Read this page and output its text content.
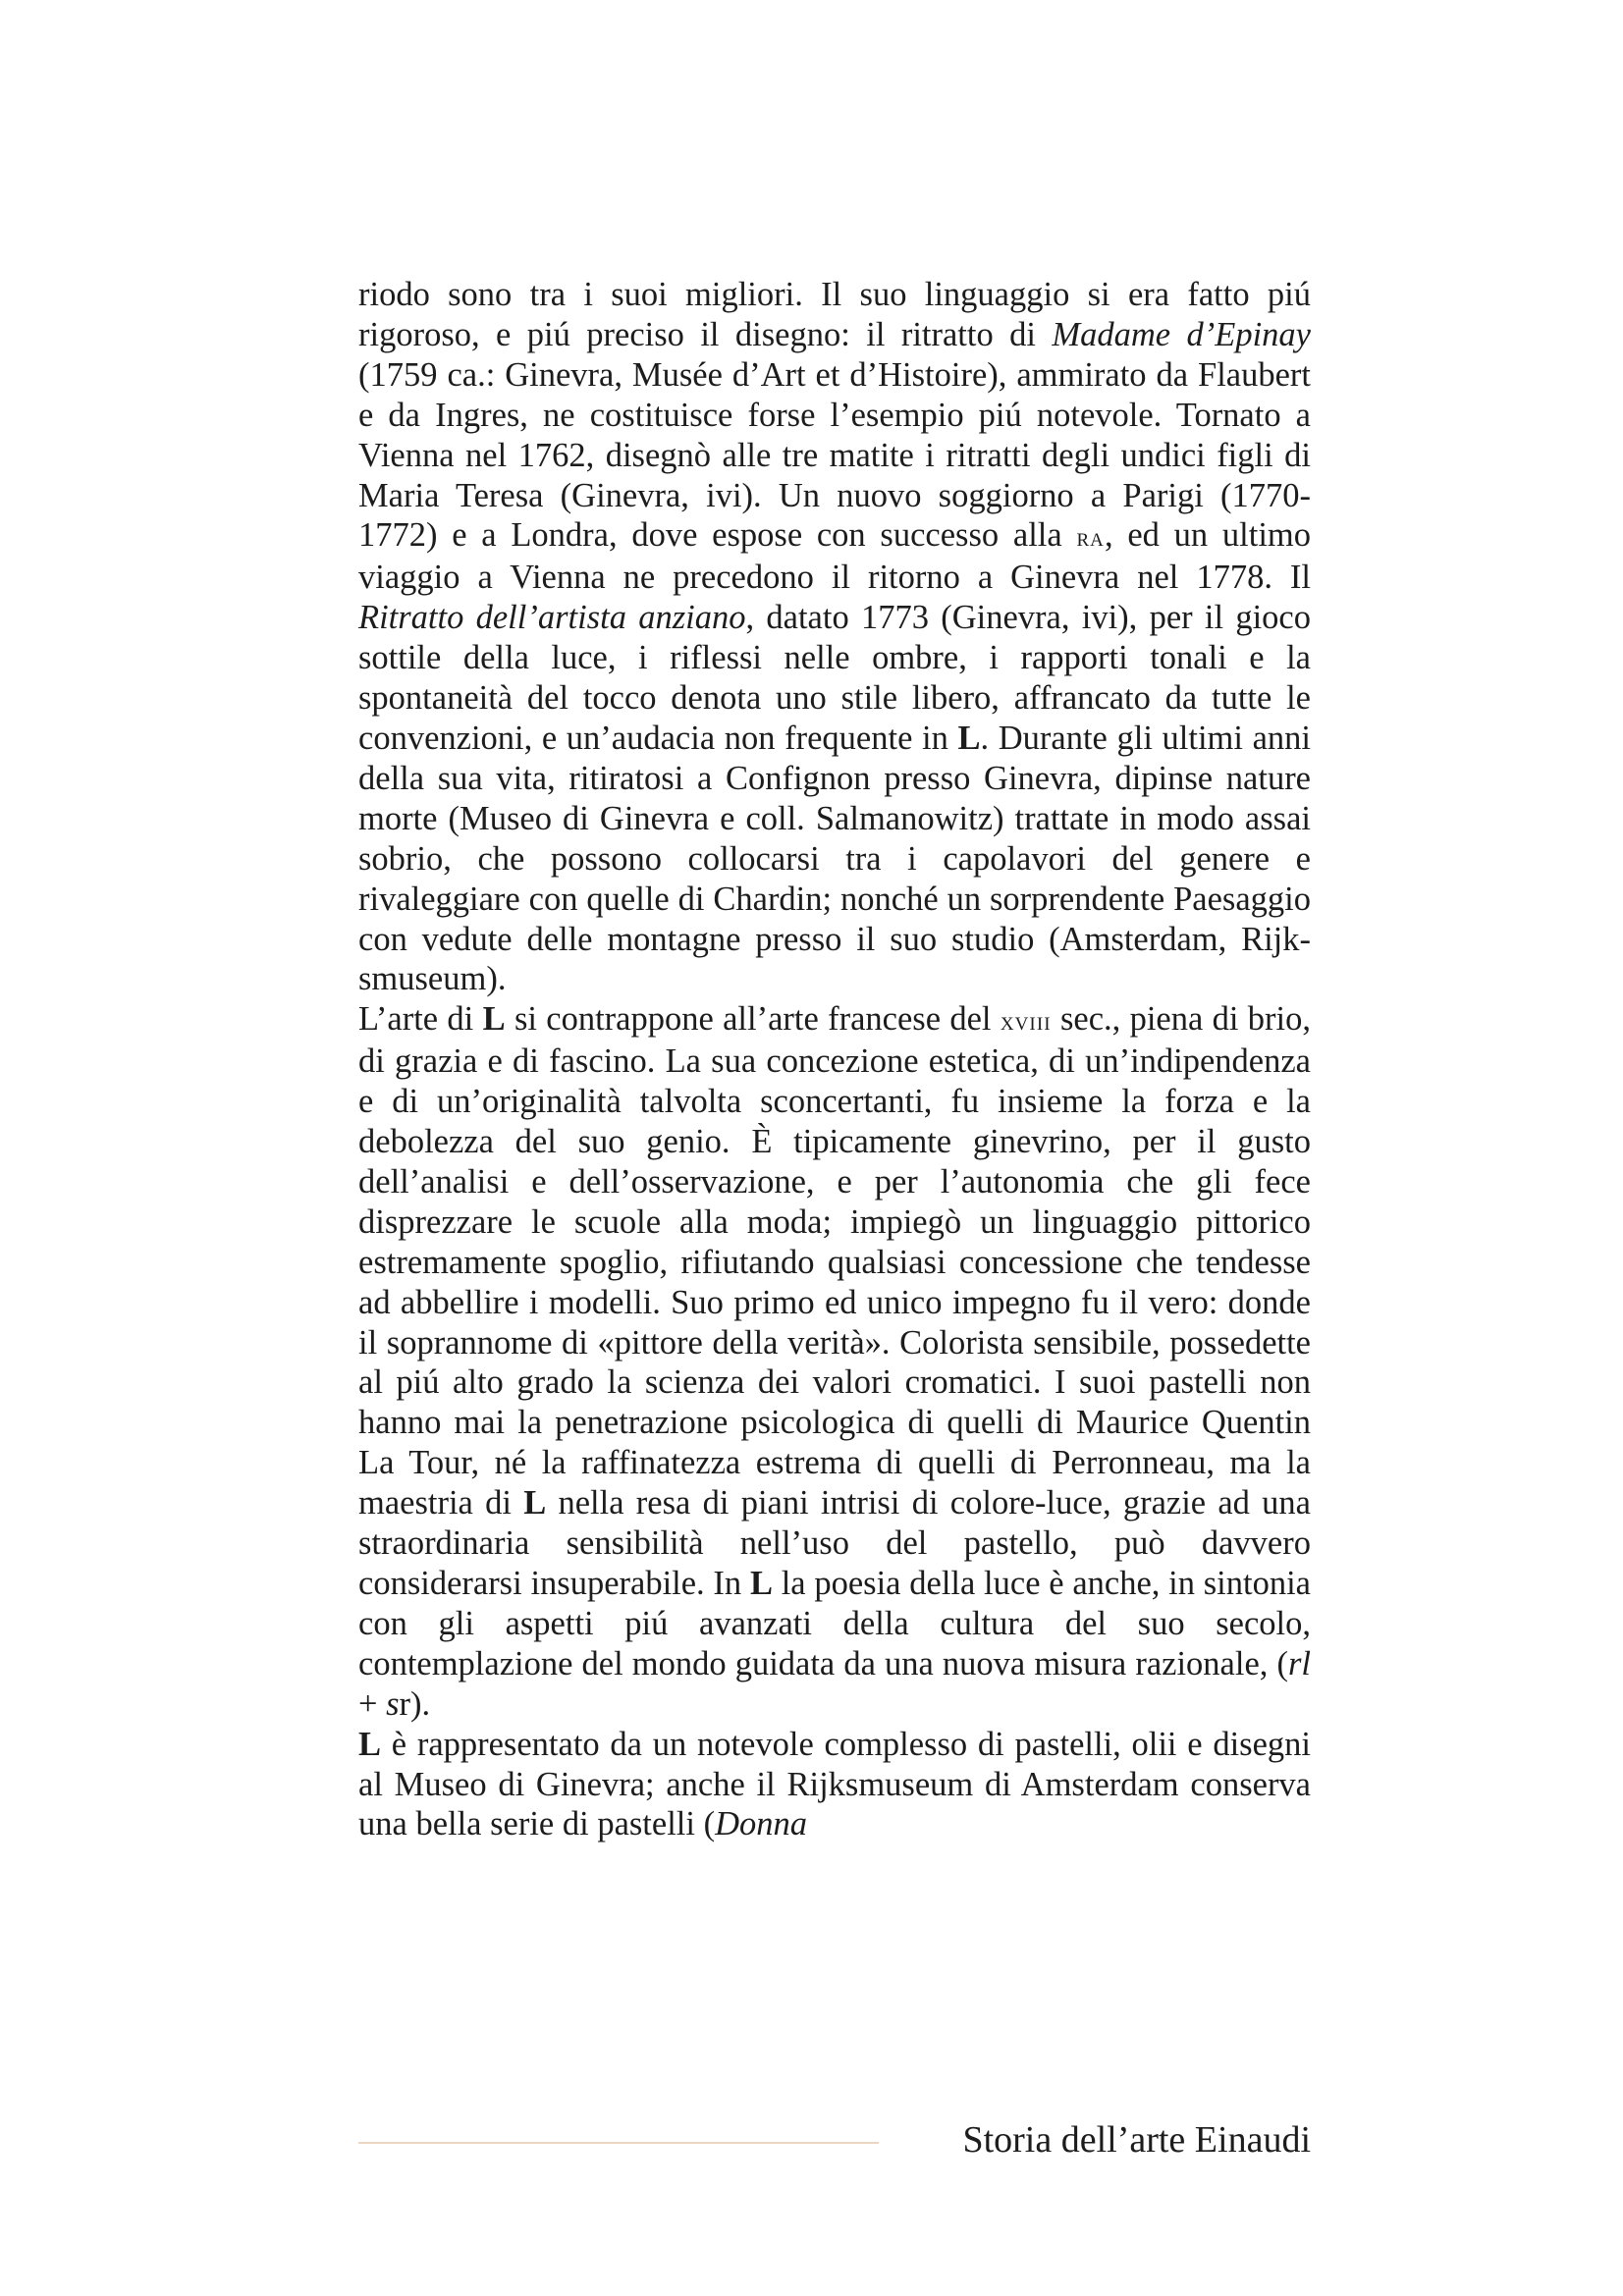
riodo sono tra i suoi migliori. Il suo linguaggio si era fatto piú rigoroso, e piú preciso il disegno: il ritratto di Madame d’Epinay (1759 ca.: Ginevra, Musée d’Art et d’Histoire), ammirato da Flaubert e da Ingres, ne costituisce forse l’esempio piú notevole. Tornato a Vienna nel 1762, disegnò alle tre matite i ritratti degli undici figli di Maria Teresa (Ginevra, ivi). Un nuovo soggiorno a Parigi (1770-1772) e a Londra, dove espose con successo alla ra, ed un ultimo viaggio a Vienna ne precedono il ritorno a Ginevra nel 1778. Il Ritratto dell’artista anziano, datato 1773 (Ginevra, ivi), per il gioco sottile della luce, i riflessi nelle ombre, i rapporti tonali e la spontaneità del tocco denota uno stile libero, affrancato da tutte le convenzioni, e un’audacia non frequente in L. Durante gli ultimi anni della sua vita, ritiratosi a Confignon presso Ginevra, dipinse nature morte (Museo di Ginevra e coll. Salmanowitz) trattate in modo assai sobrio, che possono collocarsi tra i capolavori del genere e rivaleggiare con quelle di Chardin; nonché un sorprendente Paesaggio con vedute delle montagne presso il suo studio (Amsterdam, Rijksmuseum).

L’arte di L si contrappone all’arte francese del xviii sec., piena di brio, di grazia e di fascino. La sua concezione estetica, di un’indipendenza e di un’originalità talvolta sconcertanti, fu insieme la forza e la debolezza del suo genio. È tipicamente ginevrino, per il gusto dell’analisi e dell’osservazione, e per l’autonomia che gli fece disprezzare le scuole alla moda; impiegò un linguaggio pittorico estremamente spoglio, rifiutando qualsiasi concessione che tendesse ad abbellire i modelli. Suo primo ed unico impegno fu il vero: donde il soprannome di «pittore della verità». Colorista sensibile, possedette al piú alto grado la scienza dei valori cromatici. I suoi pastelli non hanno mai la penetrazione psicologica di quelli di Maurice Quentin La Tour, né la raffinatezza estrema di quelli di Perronneau, ma la maestria di L nella resa di piani intrisi di colore-luce, grazie ad una straordinaria sensibilità nell’uso del pastello, può davvero considerarsi insuperabile. In L la poesia della luce è anche, in sintonia con gli aspetti piú avanzati della cultura del suo secolo, contemplazione del mondo guidata da una nuova misura razionale, (rl + sr).

L è rappresentato da un notevole complesso di pastelli, olii e disegni al Museo di Ginevra; anche il Rijksmuseum di Amsterdam conserva una bella serie di pastelli (Donna

Storia dell’arte Einaudi
